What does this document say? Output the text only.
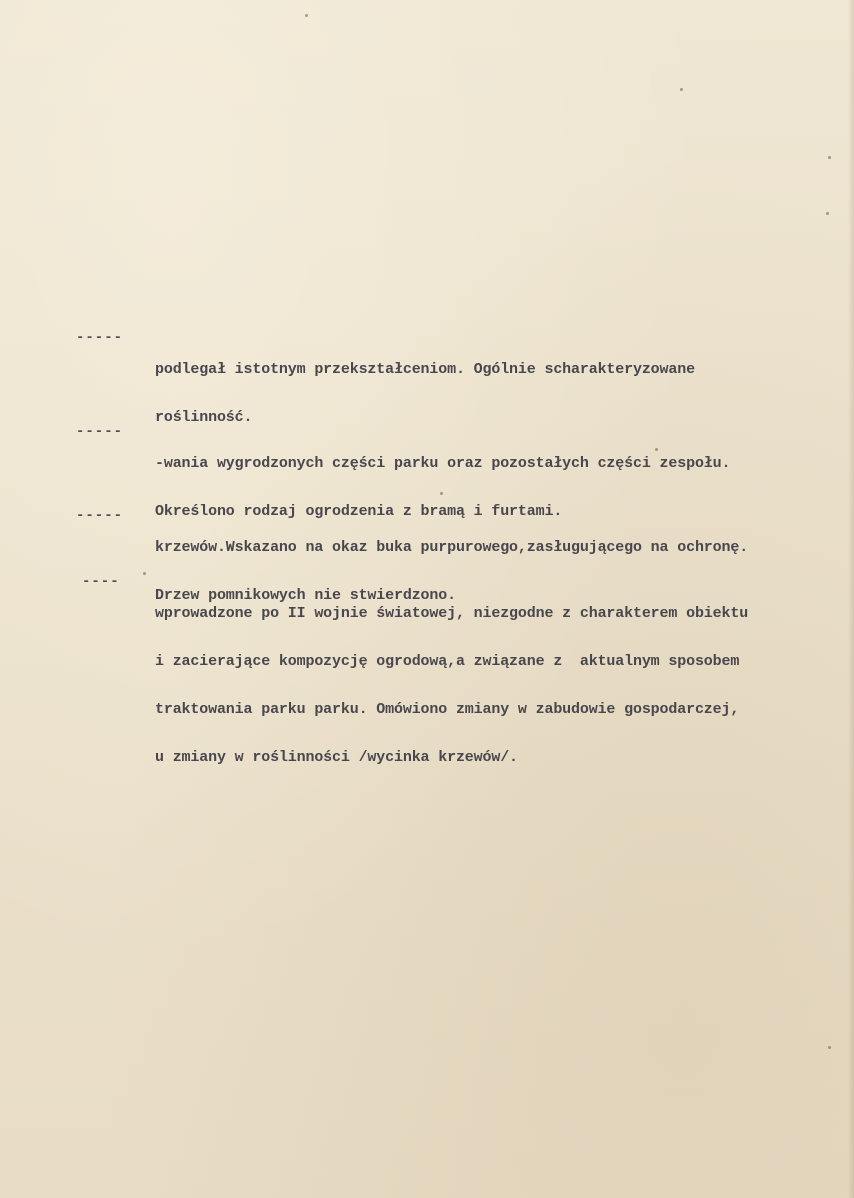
-----

podlegał istotnym przekształceniom. Ogólnie scharakteryzowane

roślinność.

-----

-wania wygrodzonych części parku oraz pozostałych części zespołu.

Określono rodzaj ogrodzenia z bramą i furtami.

-----

krzewów.Wskazano na okaz buka purpurowego,zasługującego na ochronę.

Drzew pomnikowych nie stwierdzono.

----

wprowadzone po II wojnie światowej, niezgodne z charakterem obiektu

i zacierające kompozycję ogrodową,a związane z  aktualnym sposobem

traktowania parku parku. Omówiono zmiany w zabudowie gospodarczej,

u zmiany w roślinności /wycinka krzewów/.
